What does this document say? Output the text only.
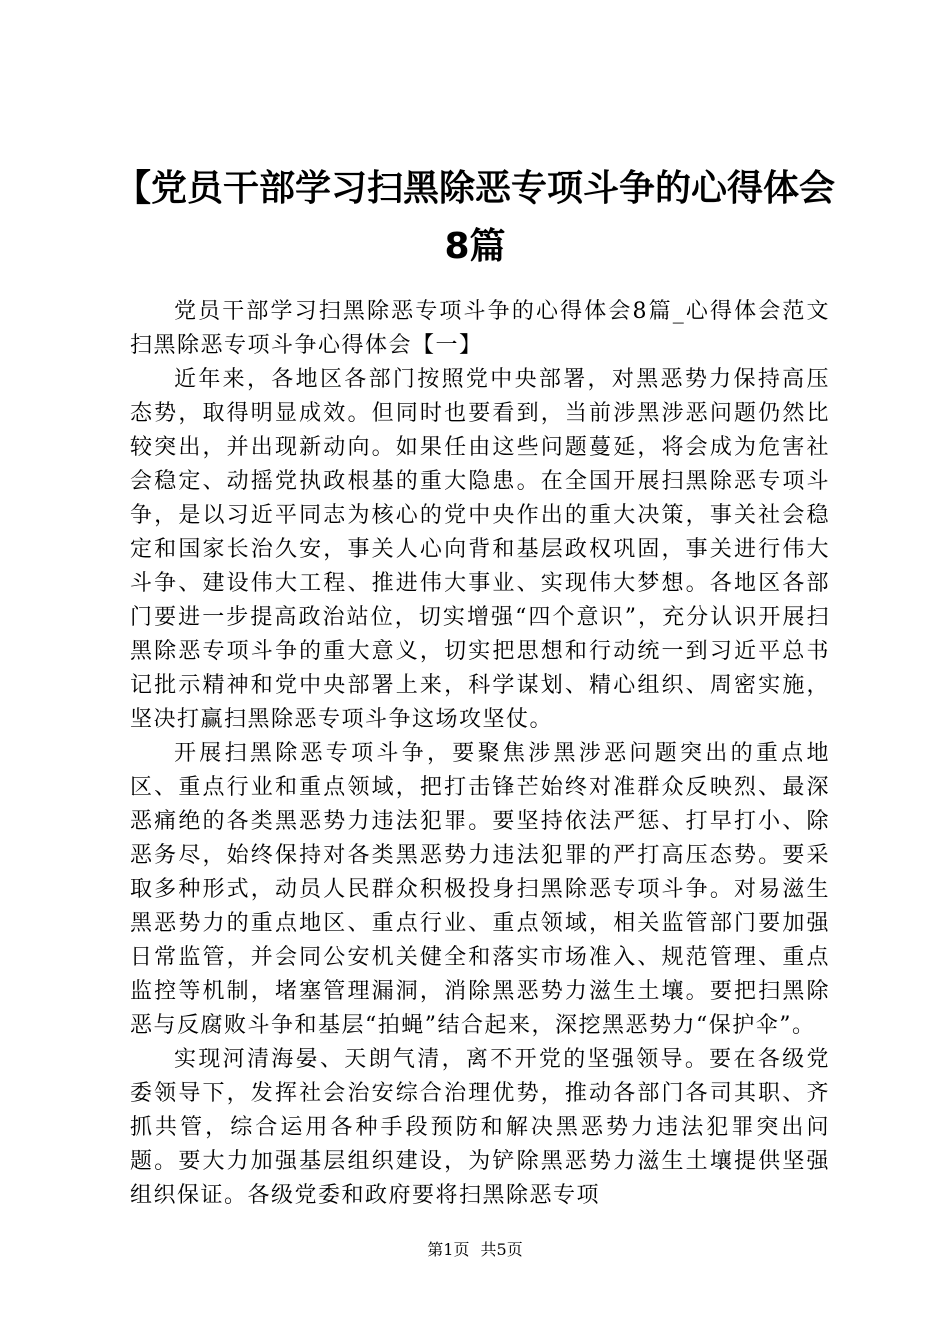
【党员干部学习扫黑除恶专项斗争的心得体会8篇

党员干部学习扫黑除恶专项斗争的心得体会8篇_心得体会范文扫黑除恶专项斗争心得体会【一】

近年来，各地区各部门按照党中央部署，对黑恶势力保持高压态势，取得明显成效。但同时也要看到，当前涉黑涉恶问题仍然比较突出，并出现新动向。如果任由这些问题蔓延，将会成为危害社会稳定、动摇党执政根基的重大隐患。在全国开展扫黑除恶专项斗争，是以习近平同志为核心的党中央作出的重大决策，事关社会稳定和国家长治久安，事关人心向背和基层政权巩固，事关进行伟大斗争、建设伟大工程、推进伟大事业、实现伟大梦想。各地区各部门要进一步提高政治站位，切实增强“四个意识”，充分认识开展扫黑除恶专项斗争的重大意义，切实把思想和行动统一到习近平总书记批示精神和党中央部署上来，科学谋划、精心组织、周密实施，坚决打赢扫黑除恶专项斗争这场攻坚仗。

开展扫黑除恶专项斗争，要聚焦涉黑涉恶问题突出的重点地区、重点行业和重点领域，把打击锋芒始终对准群众反映烈、最深恶痛绝的各类黑恶势力违法犯罪。要坚持依法严惩、打早打小、除恶务尽，始终保持对各类黑恶势力违法犯罪的严打高压态势。要采取多种形式，动员人民群众积极投身扫黑除恶专项斗争。对易滋生黑恶势力的重点地区、重点行业、重点领域，相关监管部门要加强日常监管，并会同公安机关健全和落实市场准入、规范管理、重点监控等机制，堵塞管理漏洞，消除黑恶势力滋生土壤。要把扫黑除恶与反腐败斗争和基层“拍蝇”结合起来，深挖黑恶势力“保护伞”。

实现河清海晏、天朗气清，离不开党的坚强领导。要在各级党委领导下，发挥社会治安综合治理优势，推动各部门各司其职、齐抓共管，综合运用各种手段预防和解决黑恶势力违法犯罪突出问题。要大力加强基层组织建设，为铲除黑恶势力滋生土壤提供坚强组织保证。各级党委和政府要将扫黑除恶专项

第1页 共5页
